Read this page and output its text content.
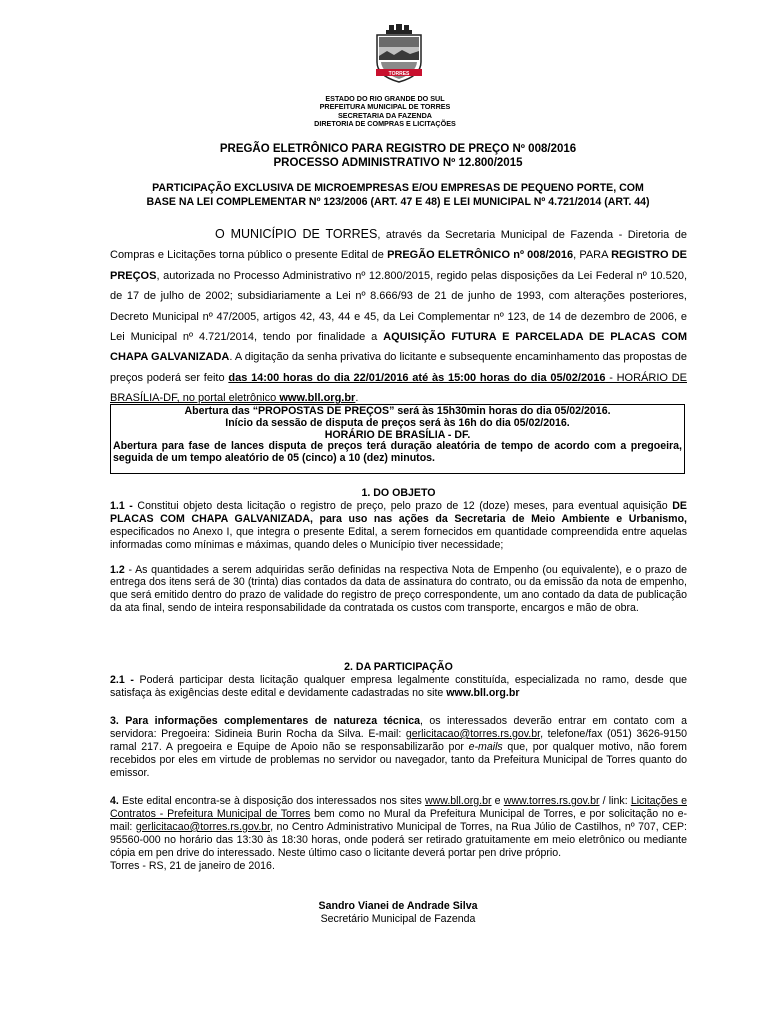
TORRES
ESTADO DO RIO GRANDE DO SUL
PREFEITURA MUNICIPAL DE TORRES
SECRETARIA DA FAZENDA
DIRETORIA DE COMPRAS E LICITAÇÕES
PREGÃO ELETRÔNICO PARA REGISTRO DE PREÇO Nº 008/2016
PROCESSO ADMINISTRATIVO Nº 12.800/2015
PARTICIPAÇÃO EXCLUSIVA DE MICROEMPRESAS E/OU EMPRESAS DE PEQUENO PORTE, COM
BASE NA LEI COMPLEMENTAR Nº 123/2006 (ART. 47 E 48) E LEI MUNICIPAL Nº 4.721/2014 (ART. 44)
O MUNICÍPIO DE TORRES, através da Secretaria Municipal de Fazenda - Diretoria de Compras e Licitações torna público o presente Edital de PREGÃO ELETRÔNICO nº 008/2016, PARA REGISTRO DE PREÇOS, autorizada no Processo Administrativo nº 12.800/2015, regido pelas disposições da Lei Federal nº 10.520, de 17 de julho de 2002; subsidiariamente a Lei nº 8.666/93 de 21 de junho de 1993, com alterações posteriores, Decreto Municipal nº 47/2005, artigos 42, 43, 44 e 45, da Lei Complementar nº 123, de 14 de dezembro de 2006, e Lei Municipal nº 4.721/2014, tendo por finalidade a AQUISIÇÃO FUTURA E PARCELADA DE PLACAS COM CHAPA GALVANIZADA. A digitação da senha privativa do licitante e subsequente encaminhamento das propostas de preços poderá ser feito das 14:00 horas do dia 22/01/2016 até às 15:00 horas do dia 05/02/2016 - HORÁRIO DE BRASÍLIA-DF, no portal eletrônico www.bll.org.br.
Abertura das “PROPOSTAS DE PREÇOS” será às 15h30min horas do dia 05/02/2016.
Início da sessão de disputa de preços será às 16h do dia 05/02/2016.
HORÁRIO DE BRASÍLIA - DF.
Abertura para fase de lances disputa de preços terá duração aleatória de tempo de acordo com a pregoeira, seguida de um tempo aleatório de 05 (cinco) a 10 (dez) minutos.
1. DO OBJETO
1.1 - Constitui objeto desta licitação o registro de preço, pelo prazo de 12 (doze) meses, para eventual aquisição DE PLACAS COM CHAPA GALVANIZADA, para uso nas ações da Secretaria de Meio Ambiente e Urbanismo, especificados no Anexo I, que integra o presente Edital, a serem fornecidos em quantidade compreendida entre aquelas informadas como mínimas e máximas, quando deles o Município tiver necessidade;
1.2 - As quantidades a serem adquiridas serão definidas na respectiva Nota de Empenho (ou equivalente), e o prazo de entrega dos itens será de 30 (trinta) dias contados da data de assinatura do contrato, ou da emissão da nota de empenho, que será emitido dentro do prazo de validade do registro de preço correspondente, um ano contado da data de publicação da ata final, sendo de inteira responsabilidade da contratada os custos com transporte, encargos e mão de obra.
2. DA PARTICIPAÇÃO
2.1 - Poderá participar desta licitação qualquer empresa legalmente constituída, especializada no ramo, desde que satisfaça às exigências deste edital e devidamente cadastradas no site www.bll.org.br
3. Para informações complementares de natureza técnica, os interessados deverão entrar em contato com a servidora: Pregoeira: Sidineia Burin Rocha da Silva. E-mail: gerlicitacao@torres.rs.gov.br, telefone/fax (051) 3626-9150 ramal 217. A pregoeira e Equipe de Apoio não se responsabilizarão por e-mails que, por qualquer motivo, não forem recebidos por eles em virtude de problemas no servidor ou navegador, tanto da Prefeitura Municipal de Torres quanto do emissor.
4. Este edital encontra-se à disposição dos interessados nos sites www.bll.org.br e www.torres.rs.gov.br / link: Licitações e Contratos - Prefeitura Municipal de Torres bem como no Mural da Prefeitura Municipal de Torres, e por solicitação no e-mail: gerlicitacao@torres.rs.gov.br, no Centro Administrativo Municipal de Torres, na Rua Júlio de Castilhos, nº 707, CEP: 95560-000 no horário das 13:30 às 18:30 horas, onde poderá ser retirado gratuitamente em meio eletrônico ou mediante cópia em pen drive do interessado. Neste último caso o licitante deverá portar pen drive próprio.
Torres - RS, 21 de janeiro de 2016.
Sandro Vianei de Andrade Silva
Secretário Municipal de Fazenda
